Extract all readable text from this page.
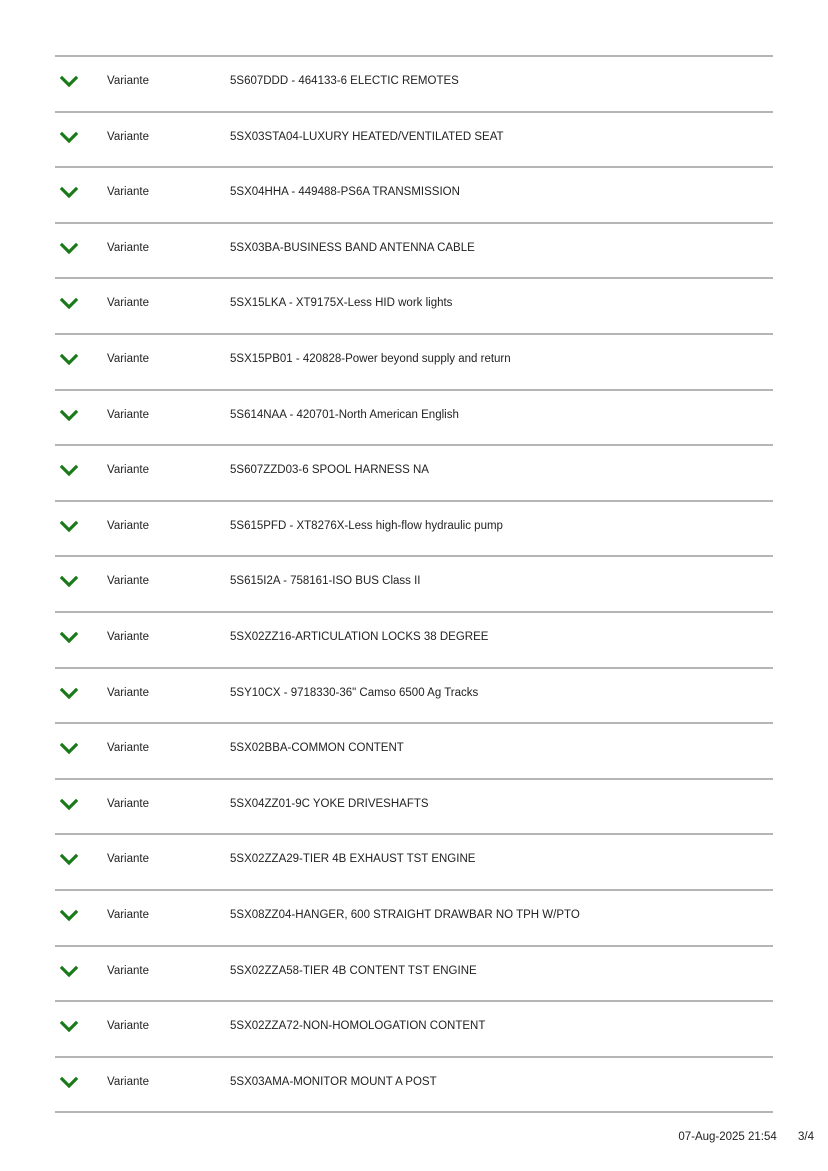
Variante	5S607DDD - 464133-6 ELECTIC REMOTES
Variante	5SX03STA04-LUXURY HEATED/VENTILATED SEAT
Variante	5SX04HHA - 449488-PS6A TRANSMISSION
Variante	5SX03BA-BUSINESS BAND ANTENNA CABLE
Variante	5SX15LKA - XT9175X-Less HID work lights
Variante	5SX15PB01 - 420828-Power beyond supply and return
Variante	5S614NAA - 420701-North American English
Variante	5S607ZZD03-6 SPOOL HARNESS NA
Variante	5S615PFD - XT8276X-Less high-flow hydraulic pump
Variante	5S615I2A - 758161-ISO BUS Class II
Variante	5SX02ZZ16-ARTICULATION LOCKS 38 DEGREE
Variante	5SY10CX - 9718330-36" Camso 6500 Ag Tracks
Variante	5SX02BBA-COMMON CONTENT
Variante	5SX04ZZ01-9C YOKE DRIVESHAFTS
Variante	5SX02ZZA29-TIER 4B EXHAUST TST ENGINE
Variante	5SX08ZZ04-HANGER, 600 STRAIGHT DRAWBAR NO TPH W/PTO
Variante	5SX02ZZA58-TIER 4B CONTENT TST ENGINE
Variante	5SX02ZZA72-NON-HOMOLOGATION CONTENT
Variante	5SX03AMA-MONITOR MOUNT A POST
07-Aug-2025 21:54 3/4
